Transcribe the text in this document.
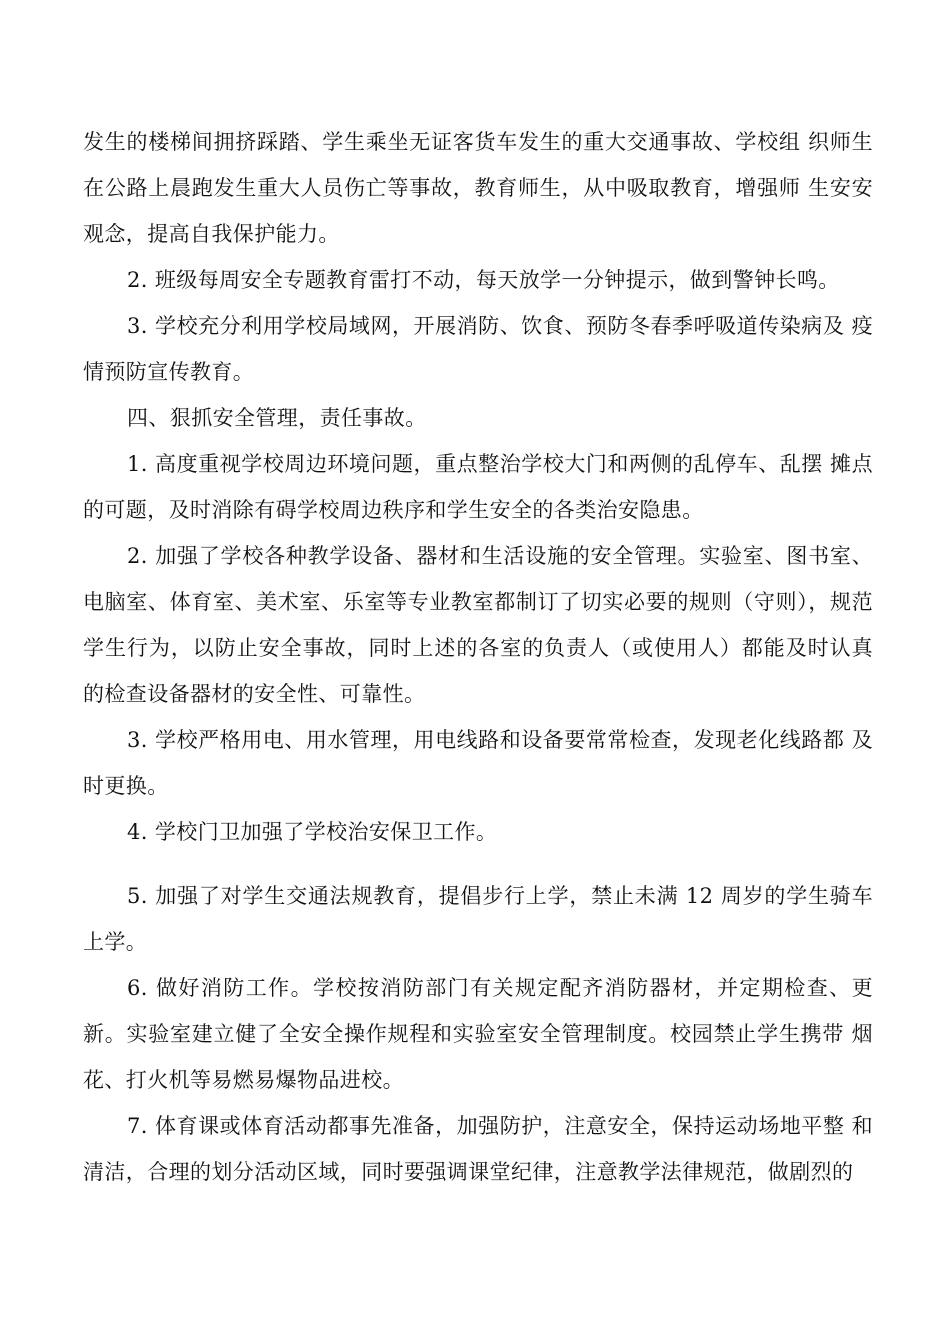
发生的楼梯间拥挤踩踏、学生乘坐无证客货车发生的重大交通事故、学校组 织师生在公路上晨跑发生重大人员伤亡等事故，教育师生，从中吸取教育，增强师 生安安观念，提高自我保护能力。

2. 班级每周安全专题教育雷打不动，每天放学一分钟提示，做到警钟长鸣。

3. 学校充分利用学校局域网，开展消防、饮食、预防冬春季呼吸道传染病及 疫情预防宣传教育。

四、狠抓安全管理，责任事故。

1. 高度重视学校周边环境问题，重点整治学校大门和两侧的乱停车、乱摆 摊点的可题，及时消除有碍学校周边秩序和学生安全的各类治安隐患。

2. 加强了学校各种教学设备、器材和生活设施的安全管理。实验室、图书室、电脑室、体育室、美术室、乐室等专业教室都制订了切实必要的规则（守则），规范学生行为，以防止安全事故，同时上述的各室的负责人（或使用人）都能及时认真的检查设备器材的安全性、可靠性。

3. 学校严格用电、用水管理，用电线路和设备要常常检查，发现老化线路都 及时更换。

4. 学校门卫加强了学校治安保卫工作。

5. 加强了对学生交通法规教育，提倡步行上学，禁止未满 12 周岁的学生骑车上学。

6. 做好消防工作。学校按消防部门有关规定配齐消防器材，并定期检查、更新。实验室建立健了全安全操作规程和实验室安全管理制度。校园禁止学生携带 烟花、打火机等易燃易爆物品进校。

7. 体育课或体育活动都事先准备，加强防护，注意安全，保持运动场地平整 和清洁，合理的划分活动区域，同时要强调课堂纪律，注意教学法律规范，做剧烈的
